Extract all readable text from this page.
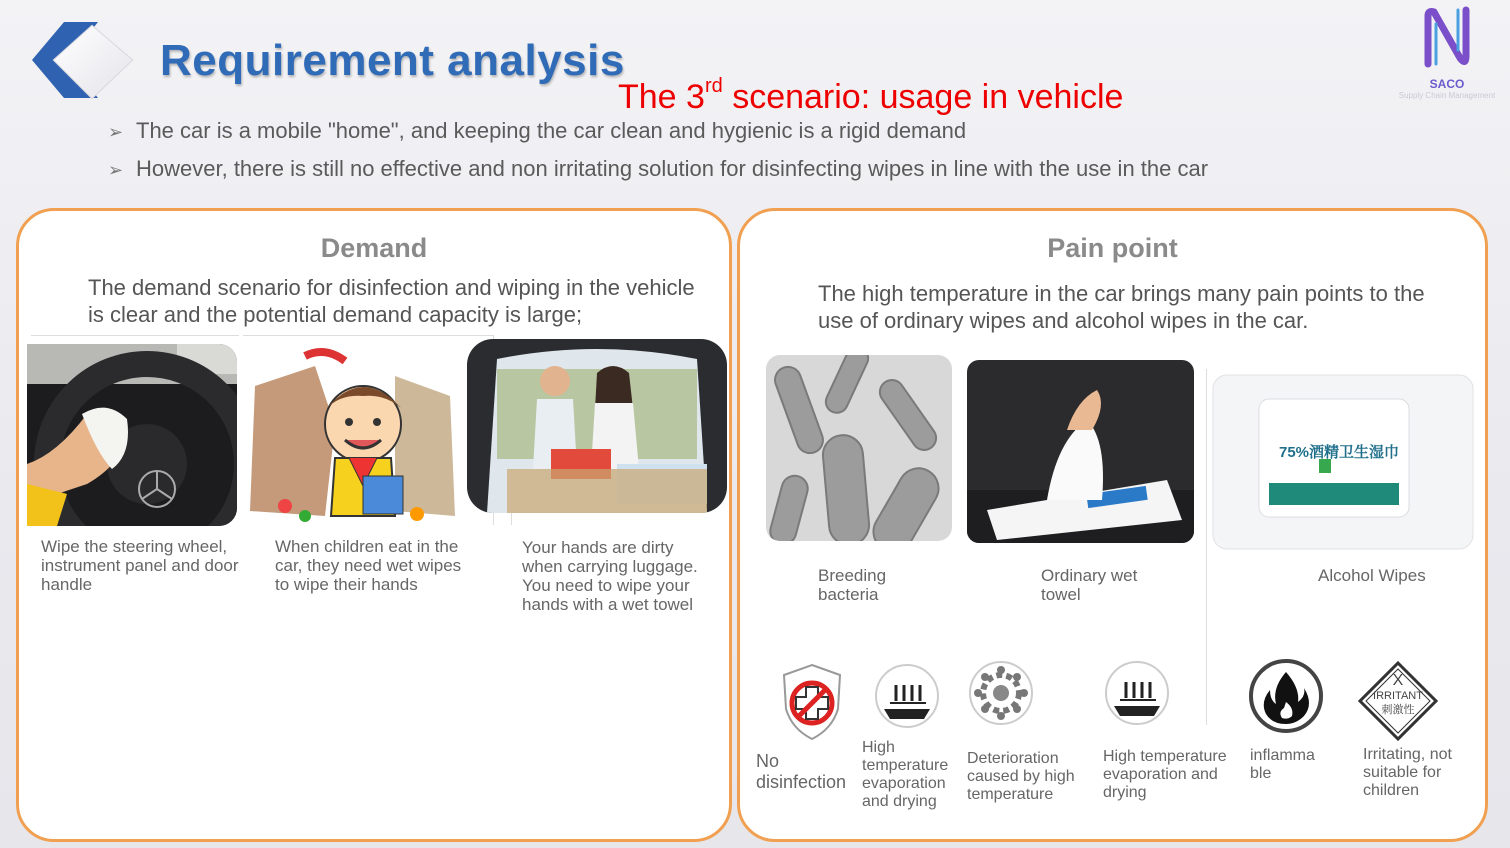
Requirement analysis
The 3rd scenario: usage in vehicle	SACO
Supply Chain Management
➢ The car is a mobile "home", and keeping the car clean and hygienic is a rigid demand
➢ However, there is still no effective and non irritating solution for disinfecting wipes in line with the use in the car
Demand
The demand scenario for disinfection and wiping in the vehicle is clear and the potential demand capacity is large;
Wipe the steering wheel, instrument panel and door handle
When children eat in the car, they need wet wipes to wipe their hands
Your hands are dirty when carrying luggage. You need to wipe your hands with a wet towel
Pain point
The high temperature in the car brings many pain points to the use of ordinary wipes and alcohol wipes in the car.
75%酒精卫生湿巾
Breeding bacteria
Ordinary wet towel
Alcohol Wipes
X
IRRITANT
刺激性
No disinfection
High temperature evaporation and drying
Deterioration caused by high temperature
High temperature evaporation and drying
inflamma ble
Irritating, not suitable for children
